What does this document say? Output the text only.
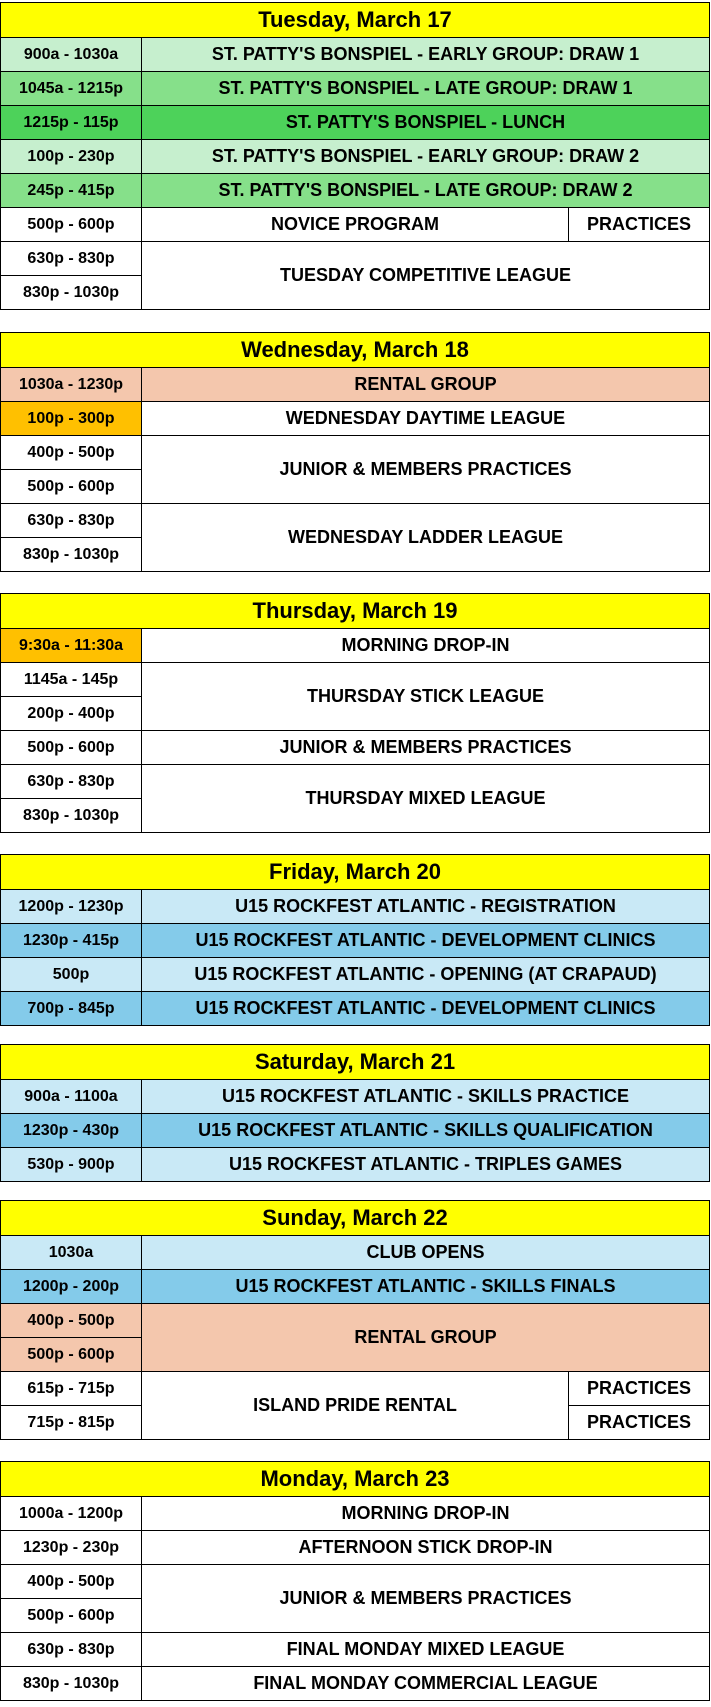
Tuesday, March 17		
900a - 1030a	ST. PATTY'S BONSPIEL - EARLY GROUP: DRAW 1	
1045a - 1215p	ST. PATTY'S BONSPIEL - LATE GROUP: DRAW 1	
1215p - 115p	ST. PATTY'S BONSPIEL - LUNCH	
100p - 230p	ST. PATTY'S BONSPIEL - EARLY GROUP: DRAW 2	
245p - 415p	ST. PATTY'S BONSPIEL - LATE GROUP: DRAW 2	
500p - 600p	NOVICE PROGRAM	PRACTICES
630p - 830p	TUESDAY COMPETITIVE LEAGUE	
830p - 1030p		
Wednesday, March 18	
1030a - 1230p	RENTAL GROUP
100p - 300p	WEDNESDAY DAYTIME LEAGUE
400p - 500p	JUNIOR & MEMBERS PRACTICES
500p - 600p	
630p - 830p	WEDNESDAY LADDER LEAGUE
830p - 1030p	
Thursday, March 19	
9:30a - 11:30a	MORNING DROP-IN
1145a - 145p	THURSDAY STICK LEAGUE
200p - 400p	
500p - 600p	JUNIOR & MEMBERS PRACTICES
630p - 830p	THURSDAY MIXED LEAGUE
830p - 1030p	
Friday, March 20	
1200p - 1230p	U15 ROCKFEST ATLANTIC - REGISTRATION
1230p - 415p	U15 ROCKFEST ATLANTIC - DEVELOPMENT CLINICS
500p	U15 ROCKFEST ATLANTIC - OPENING (AT CRAPAUD)
700p - 845p	U15 ROCKFEST ATLANTIC - DEVELOPMENT CLINICS
Saturday, March 21	
900a - 1100a	U15 ROCKFEST ATLANTIC - SKILLS PRACTICE
1230p - 430p	U15 ROCKFEST ATLANTIC - SKILLS QUALIFICATION
530p - 900p	U15 ROCKFEST ATLANTIC - TRIPLES GAMES
Sunday, March 22		
1030a	CLUB OPENS	
1200p - 200p	U15 ROCKFEST ATLANTIC - SKILLS FINALS	
400p - 500p	RENTAL GROUP	
500p - 600p		
615p - 715p	ISLAND PRIDE RENTAL	PRACTICES
715p - 815p		PRACTICES
Monday, March 23	
1000a - 1200p	MORNING DROP-IN
1230p - 230p	AFTERNOON STICK DROP-IN
400p - 500p	JUNIOR & MEMBERS PRACTICES
500p - 600p	
630p - 830p	FINAL MONDAY MIXED LEAGUE
830p - 1030p	FINAL MONDAY COMMERCIAL LEAGUE
